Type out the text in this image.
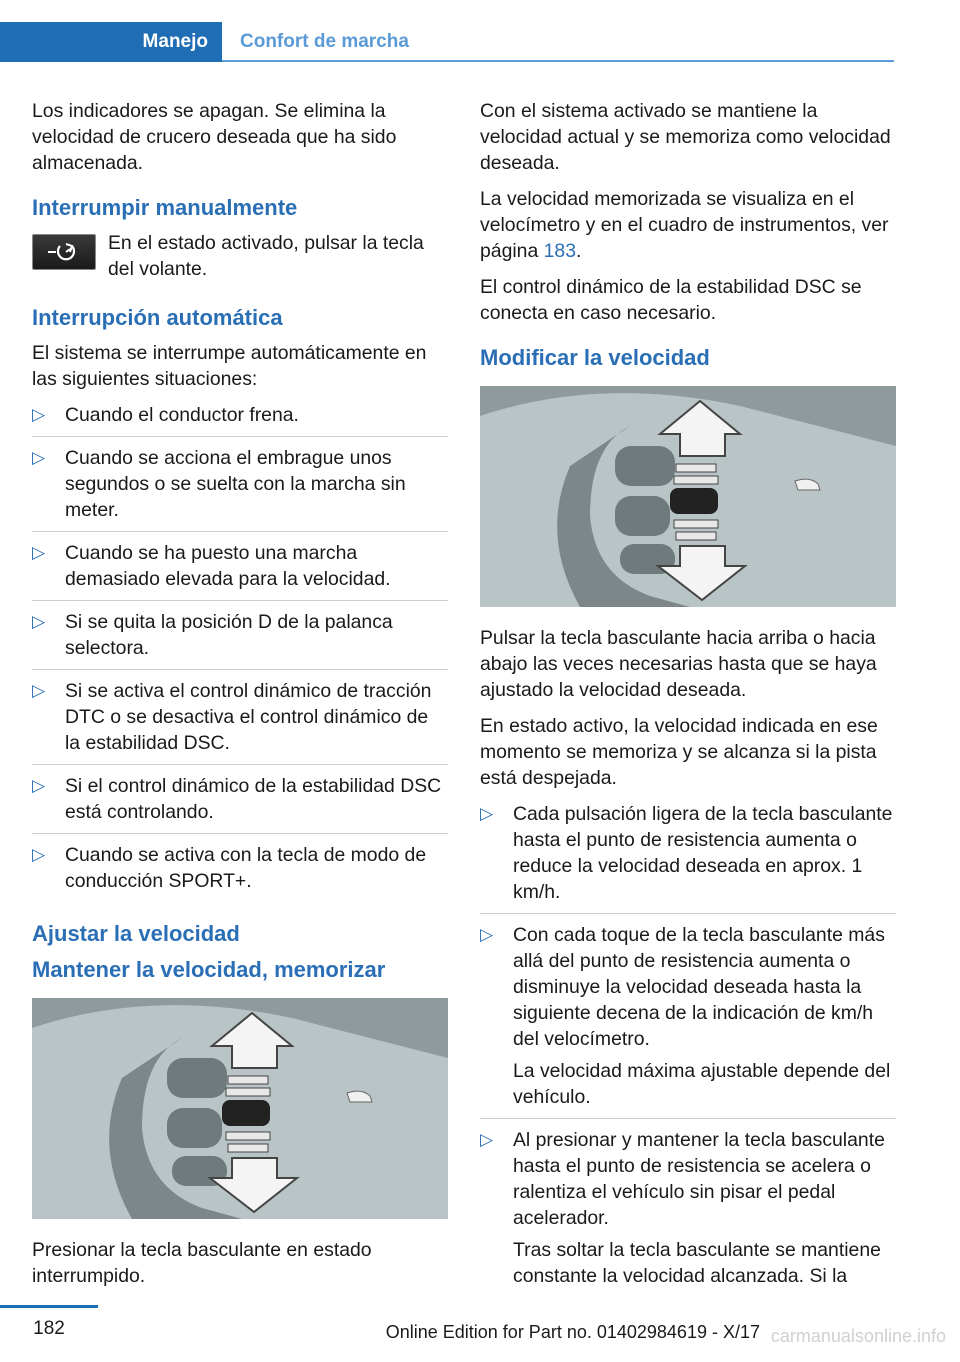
Manejo	Confort de marcha

Los indicadores se apagan. Se elimina la velocidad de crucero deseada que ha sido almacenada.

Interrumpir manualmente
En el estado activado, pulsar la tecla del volante.
Interrupción automática

El sistema se interrumpe automáticamente en las siguientes situaciones:

▷ Cuando el conductor frena.
▷ Cuando se acciona el embrague unos segundos o se suelta con la marcha sin meter.
▷ Cuando se ha puesto una marcha demasiado elevada para la velocidad.
▷ Si se quita la posición D de la palanca selectora.
▷ Si se activa el control dinámico de tracción DTC o se desactiva el control dinámico de la estabilidad DSC.
▷ Si el control dinámico de la estabilidad DSC está controlando.
▷ Cuando se activa con la tecla de modo de conducción SPORT+.
Ajustar la velocidad
Mantener la velocidad, memorizar

Presionar la tecla basculante en estado interrumpido.

Con el sistema activado se mantiene la velocidad actual y se memoriza como velocidad deseada.

La velocidad memorizada se visualiza en el velocímetro y en el cuadro de instrumentos, ver página 183.

El control dinámico de la estabilidad DSC se conecta en caso necesario.

Modificar la velocidad

Pulsar la tecla basculante hacia arriba o hacia abajo las veces necesarias hasta que se haya ajustado la velocidad deseada.

En estado activo, la velocidad indicada en ese momento se memoriza y se alcanza si la pista está despejada.

▷ Cada pulsación ligera de la tecla basculante hasta el punto de resistencia aumenta o reduce la velocidad deseada en aprox. 1 km/h.
▷ Con cada toque de la tecla basculante más allá del punto de resistencia aumenta o disminuye la velocidad deseada hasta la siguiente decena de la indicación de km/h del velocímetro.
La velocidad máxima ajustable depende del vehículo.
▷ Al presionar y mantener la tecla basculante hasta el punto de resistencia se acelera o ralentiza el vehículo sin pisar el pedal acelerador.
Tras soltar la tecla basculante se mantiene constante la velocidad alcanzada. Si la
182	Online Edition for Part no. 01402984619 - X/17 carmanualsonline.info
